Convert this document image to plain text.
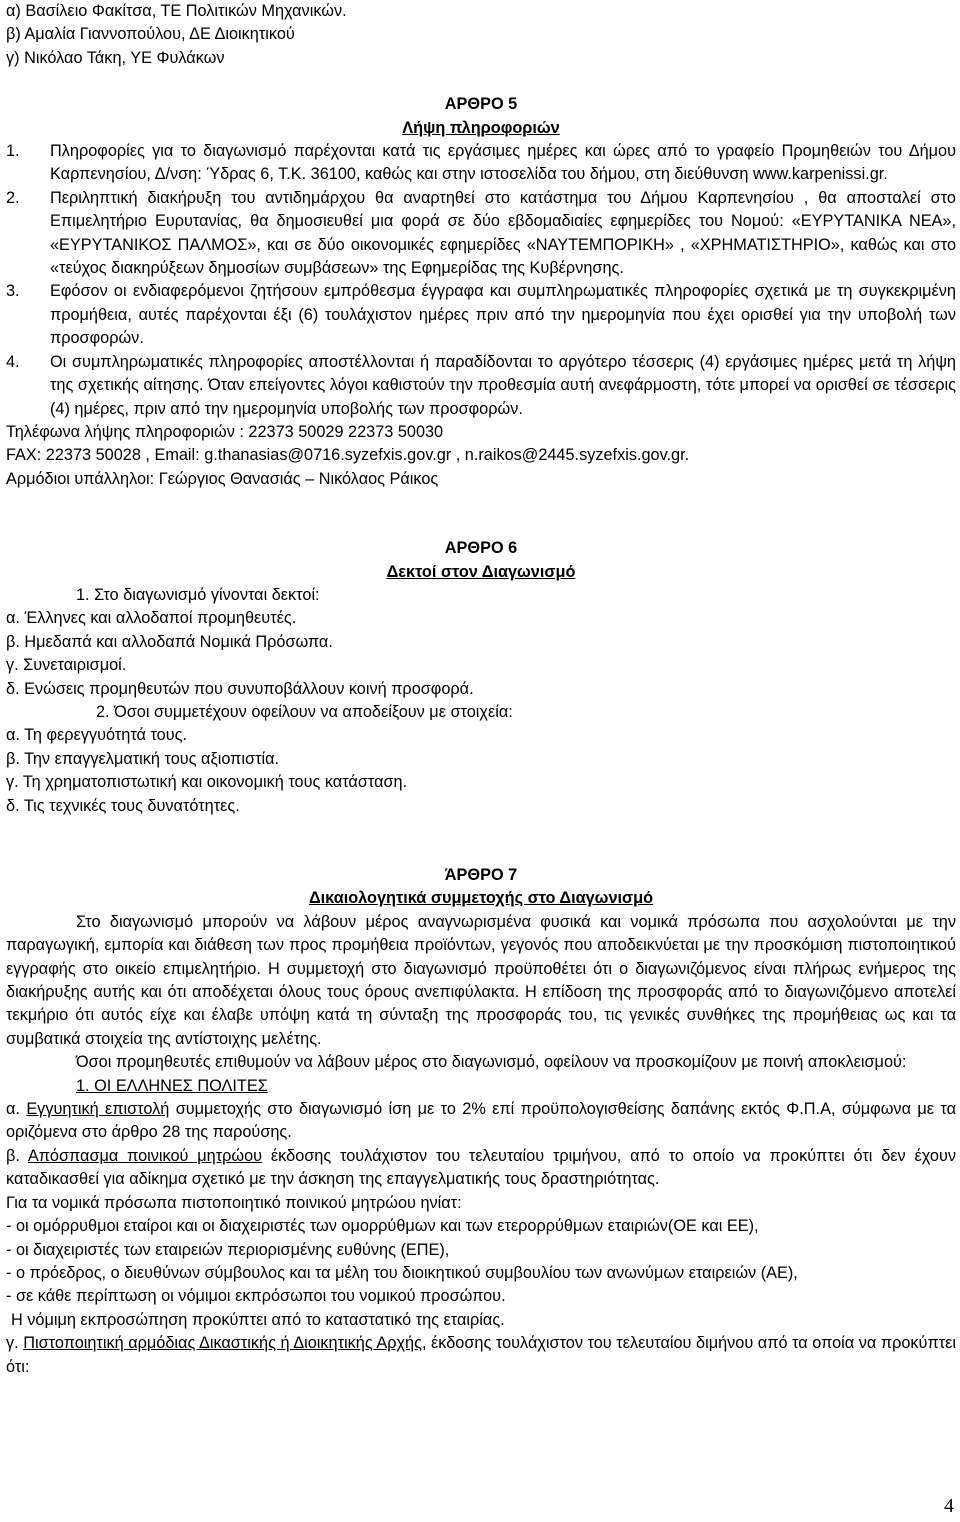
α) Βασίλειο Φακίτσα, ΤΕ Πολιτικών Μηχανικών.
β) Αμαλία Γιαννοπούλου, ΔΕ Διοικητικού
γ) Νικόλαο Τάκη, ΥΕ Φυλάκων
ΑΡΘΡΟ 5
Λήψη πληροφοριών
1. Πληροφορίες για το διαγωνισμό παρέχονται κατά τις εργάσιμες ημέρες και ώρες από το γραφείο Προμηθειών του Δήμου Καρπενησίου, Δ/νση: Ύδρας 6, Τ.Κ. 36100, καθώς και στην ιστοσελίδα του δήμου, στη διεύθυνση www.karpenissi.gr.
2. Περιληπτική διακήρυξη του αντιδημάρχου θα αναρτηθεί στο κατάστημα του Δήμου Καρπενησίου , θα αποσταλεί στο Επιμελητήριο Ευρυτανίας, θα δημοσιευθεί μια φορά σε δύο εβδομαδιαίες εφημερίδες του Νομού: «ΕΥΡΥΤΑΝΙΚΑ ΝΕΑ», «ΕΥΡΥΤΑΝΙΚΟΣ ΠΑΛΜΟΣ», και σε δύο οικονομικές εφημερίδες «ΝΑΥΤΕΜΠΟΡΙΚΗ» , «ΧΡΗΜΑΤΙΣΤΗΡΙΟ», καθώς και στο «τεύχος διακηρύξεων δημοσίων συμβάσεων» της Εφημερίδας της Κυβέρνησης.
3. Εφόσον οι ενδιαφερόμενοι ζητήσουν εμπρόθεσμα έγγραφα και συμπληρωματικές πληροφορίες σχετικά με τη συγκεκριμένη προμήθεια, αυτές παρέχονται έξι (6) τουλάχιστον ημέρες πριν από την ημερομηνία που έχει ορισθεί για την υποβολή των προσφορών.
4. Οι συμπληρωματικές πληροφορίες αποστέλλονται ή παραδίδονται το αργότερο τέσσερις (4) εργάσιμες ημέρες μετά τη λήψη της σχετικής αίτησης. Όταν επείγοντες λόγοι καθιστούν την προθεσμία αυτή ανεφάρμοστη, τότε μπορεί να ορισθεί σε τέσσερις (4) ημέρες, πριν από την ημερομηνία υποβολής των προσφορών.
Τηλέφωνα λήψης πληροφοριών : 22373 50029 22373 50030
FAX: 22373 50028 , Email: g.thanasias@0716.syzefxis.gov.gr , n.raikos@2445.syzefxis.gov.gr.
Αρμόδιοι υπάλληλοι: Γεώργιος Θανασιάς – Νικόλαος Ράικος
ΑΡΘΡΟ 6
Δεκτοί στον Διαγωνισμό
1. Στο διαγωνισμό γίνονται δεκτοί:
α. Έλληνες και αλλοδαποί προμηθευτές.
β. Ημεδαπά και αλλοδαπά Νομικά Πρόσωπα.
γ. Συνεταιρισμοί.
δ. Ενώσεις προμηθευτών που συνυποβάλλουν κοινή προσφορά.
2. Όσοι συμμετέχουν οφείλουν να αποδείξουν με στοιχεία:
α. Τη φερεγγυότητά τους.
β. Την επαγγελματική τους αξιοπιστία.
γ. Τη χρηματοπιστωτική και οικονομική τους κατάσταση.
δ. Τις τεχνικές τους δυνατότητες.
ΆΡΘΡΟ 7
Δικαιολογητικά συμμετοχής στο Διαγωνισμό
Στο διαγωνισμό μπορούν να λάβουν μέρος αναγνωρισμένα φυσικά και νομικά πρόσωπα που ασχολούνται με την παραγωγική, εμπορία και διάθεση των προς προμήθεια προϊόντων, γεγονός που αποδεικνύεται με την προσκόμιση πιστοποιητικού εγγραφής στο οικείο επιμελητήριο. Η συμμετοχή στο διαγωνισμό προϋποθέτει ότι ο διαγωνιζόμενος είναι πλήρως ενήμερος της διακήρυξης αυτής και ότι αποδέχεται όλους τους όρους ανεπιφύλακτα. Η επίδοση της προσφοράς από το διαγωνιζόμενο αποτελεί τεκμήριο ότι αυτός είχε και έλαβε υπόψη κατά τη σύνταξη της προσφοράς του, τις γενικές συνθήκες της προμήθειας ως και τα συμβατικά στοιχεία της αντίστοιχης μελέτης.
Όσοι προμηθευτές επιθυμούν να λάβουν μέρος στο διαγωνισμό, οφείλουν να προσκομίζουν με ποινή αποκλεισμού:
1. ΟΙ ΕΛΛΗΝΕΣ ΠΟΛΙΤΕΣ
α. Εγγυητική επιστολή συμμετοχής στο διαγωνισμό ίση με το 2% επί προϋπολογισθείσης δαπάνης εκτός Φ.Π.Α, σύμφωνα με τα οριζόμενα στο άρθρο 28 της παρούσης.
β. Απόσπασμα ποινικού μητρώου έκδοσης τουλάχιστον του τελευταίου τριμήνου, από το οποίο να προκύπτει ότι δεν έχουν καταδικασθεί για αδίκημα σχετικό με την άσκηση της επαγγελματικής τους δραστηριότητας.
Για τα νομικά πρόσωπα πιστοποιητικό ποινικού μητρώου ηνίατ:
- οι ομόρρυθμοι εταίροι και οι διαχειριστές των ομορρύθμων και των ετερορρύθμων εταιριών(ΟΕ και ΕΕ),
- οι διαχειριστές των εταιρειών περιορισμένης ευθύνης (ΕΠΕ),
- ο πρόεδρος, ο διευθύνων σύμβουλος και τα μέλη του διοικητικού συμβουλίου των ανωνύμων εταιρειών (ΑΕ),
- σε κάθε περίπτωση οι νόμιμοι εκπρόσωποι του νομικού προσώπου.
Η νόμιμη εκπροσώπηση προκύπτει από το καταστατικό της εταιρίας.
γ. Πιστοποιητική αρμόδιας Δικαστικής ή Διοικητικής Αρχής, έκδοσης τουλάχιστον του τελευταίου διμήνου από τα οποία να προκύπτει ότι:
4
